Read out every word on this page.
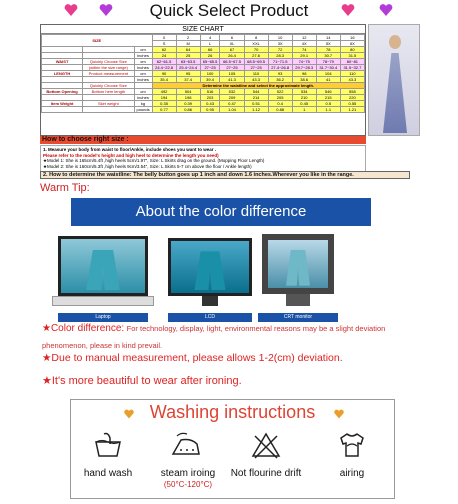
Quick Select Product
SIZE CHART
SIZE			0	2	4	6	8	10	12	14	16
			S	M	L	XL	XXL	3X	4X	5X	6X
		cm	62	64	66	67	70	72	74	78	80
		inches	24	25	26	26.4	27.6	28.3	29.1	30.7	31.5
WAIST	Quickly Choose Size	cm	62~61.5	63~63.5	65~65.5	66.5~67.5	68.5~69.5	71~71.5	74~75	78~79	80~81
	(within the size range)	inches	24.4~22.8	25.4~24.4	27~25	27~25	27~25	27.4~26.8	29.7~28.3	31.7~30.4	31.5~32.7
LENGTH	Product measurement	cm	90	95	100	105	110	93	98	104	110
		inches	35.4	37.4	39.4	41.3	43.3	36.2	38.6	41	43.3
	Quickly Choose Size		Determine the waistline and select the approximate length.								
Bottom Opening	Bottom hem length	cm	492	504	516	532	544	522	534	546	558
		inches	194	198	203	209	214	205	210	215	220
Item Weight	Skirt weight	kg	0.35	0.39	0.43	0.47	0.51	0.4	0.45	0.5	0.55
		pounds	0.77	0.86	0.95	1.04	1.12	0.88	1	1.1	1.21
How to choose right size :
1. Measure your body from waist to floor/Ankle, include shoes you want to wear .
Please refer to the model's height and high heel to determine the length you need)
★Model 1: She is 165cm/5.4ft ,high heels 5cm/1.97", Size: L Skirts drag on the ground. (Mopping Floor Length)
★Model 2: She is 160cm/5.3ft ,high heels 9cm/3.54", Size: L Skirts 5-7 cm above the floor / Ankle length)
2. How to determine the waistline: The belly button goes up 1 inch and down 1.6 inches.Wherever you like in the range.
Warm Tip:
About the color difference
Laptop	LCD	CRT monitor
★Color difference: For technology, display, light, environmental reasons may be a slight deviation phenomenon, please in kind prevail.
★Due to manual measurement, please allows 1-2(cm) deviation.
★It's more beautiful to wear after ironing.
Washing instructions
hand wash	steam iroing
(50°C-120°C)
Not flourine drift	airing
